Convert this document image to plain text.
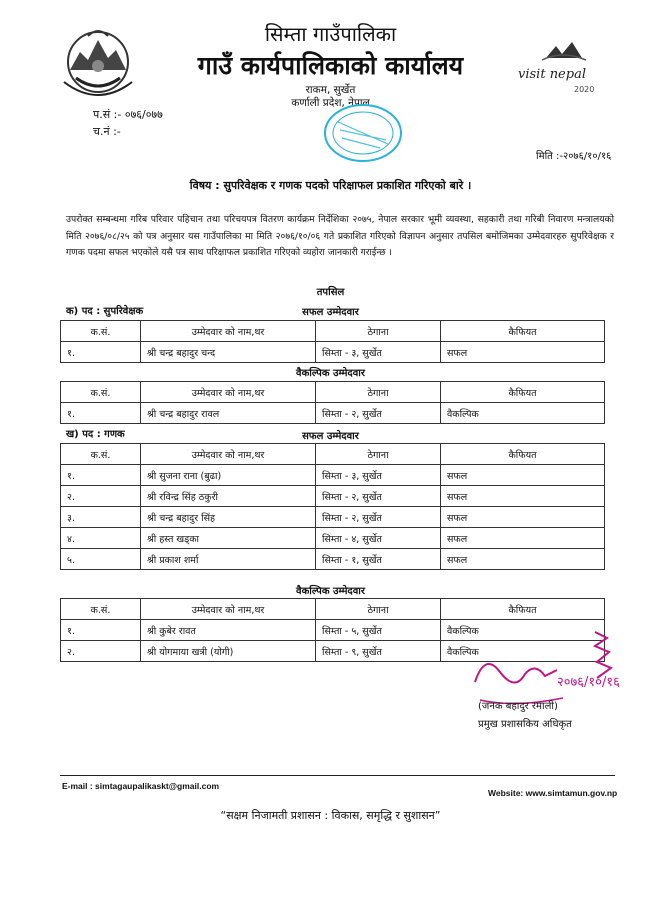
visit nepal
2020
सिम्ता गाउँपालिका
गाउँ कार्यपालिकाको कार्यालय
राकम, सुर्खेत
कर्णाली प्रदेश, नेपाल
प.सं :- ०७६/०७७
च.नं :-
मिति :-२०७६/१०/१६
विषय : सुपरिवेक्षक र गणक पदको परिक्षाफल प्रकाशित गरिएको बारे ।
उपरोक्त सम्बन्धमा गरिब परिवार पहिचान तथा परिचयपत्र वितरण कार्यक्रम निर्देशिका २०७५, नेपाल सरकार भूमी व्यवस्था, सहकारी तथा गरिबी निवारण मन्त्रालयको मिति २०७६/०८/२५ को पत्र अनुसार यस गाउँपालिका मा मिति २०७६/१०/०६ गते प्रकाशित गरिएको विज्ञापन अनुसार तपसिल बमोजिमका उम्मेदवारहरु सुपरिवेक्षक र गणक पदमा सफल भएकोले यसै पत्र साथ परिक्षाफल प्रकाशित गरिएको व्यहोरा जानकारी गराईन्छ ।
तपसिल
क) पद : सुपरिवेक्षक	सफल उम्मेदवार
क.सं.	उम्मेदवार को नाम,थर	ठेगाना	कैफियत
१.	श्री चन्द्र बहादुर चन्द	सिम्ता - ३, सुर्खेत	सफल
वैकल्पिक उम्मेदवार
क.सं.	उम्मेदवार को नाम,थर	ठेगाना	कैफियत
१.	श्री चन्द्र बहादुर रावल	सिम्ता - २, सुर्खेत	वैकल्पिक
ख) पद : गणक	सफल उम्मेदवार
क.सं.	उम्मेदवार को नाम,थर	ठेगाना	कैफियत
१.	श्री सुजना राना (बुढा)	सिम्ता - ३, सुर्खेत	सफल
२.	श्री रविन्द्र सिंह ठकुरी	सिम्ता - २, सुर्खेत	सफल
३.	श्री चन्द्र बहादुर सिंह	सिम्ता - २, सुर्खेत	सफल
४.	श्री हस्त खड्का	सिम्ता - ४, सुर्खेत	सफल
५.	श्री प्रकाश शर्मा	सिम्ता - १, सुर्खेत	सफल
वैकल्पिक उम्मेदवार
क.सं.	उम्मेदवार को नाम,थर	ठेगाना	कैफियत
१.	श्री कुबेर रावत	सिम्ता - ५, सुर्खेत	वैकल्पिक
२.	श्री योगमाया खत्री (योगी)	सिम्ता - ९, सुर्खेत	वैकल्पिक
२०७६/१०/१६
(जनक बहादुर रमाली)
प्रमुख प्रशासकिय अधिकृत
E-mail : simtagaupalikaskt@gmail.com
Website: www.simtamun.gov.np
“सक्षम निजामती प्रशासन : विकास, समृद्धि र सुशासन”
